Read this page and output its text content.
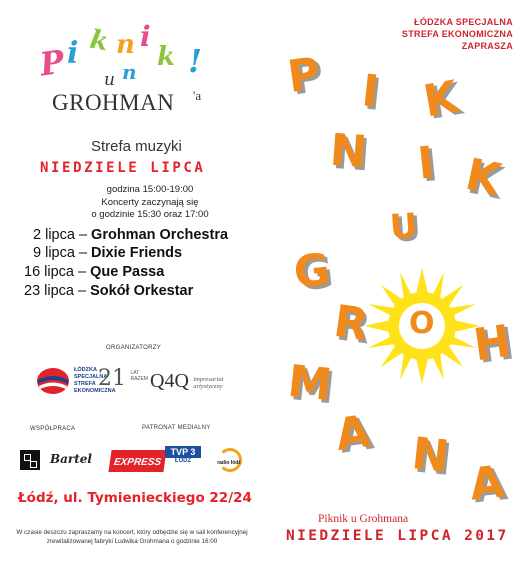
P i k n i
k !
u n
GROHMAN 'a
Strefa muzyki
NIEDZIELE LIPCA
godzina 15:00-19:00
Koncerty zaczynają się
o godzinie 15:30 oraz 17:00
2 lipca – Grohman Orchestra
9 lipca – Dixie Friends
16 lipca – Que Passa
23 lipca – Sokół Orkestar
ORGANIZATORZY
ŁÓDZKA SPECJALNA STREFA EKONOMICZNA
21 LAT RAZEM Q4Q impresariat artystyczny
WSPÓŁPRACA	PATRONAT MEDIALNY
Bartel	EXPRESS
TVP 3
ŁÓDŹ	radio łódź
Łódź, ul. Tymienieckiego 22/24
W czasie deszczu zapraszamy na koncert, który odbędzie się w sali konferencyjnej
zrewitalizowanej fabryki Ludwika Grohmana o godzinie 16:00
ŁÓDZKA SPECJALNA
STREFA EKONOMICZNA
ZAPRASZA
O
P I K
N I K
U
G
R H
M
A N
A
Piknik u Grohmana
NIEDZIELE LIPCA 2017
